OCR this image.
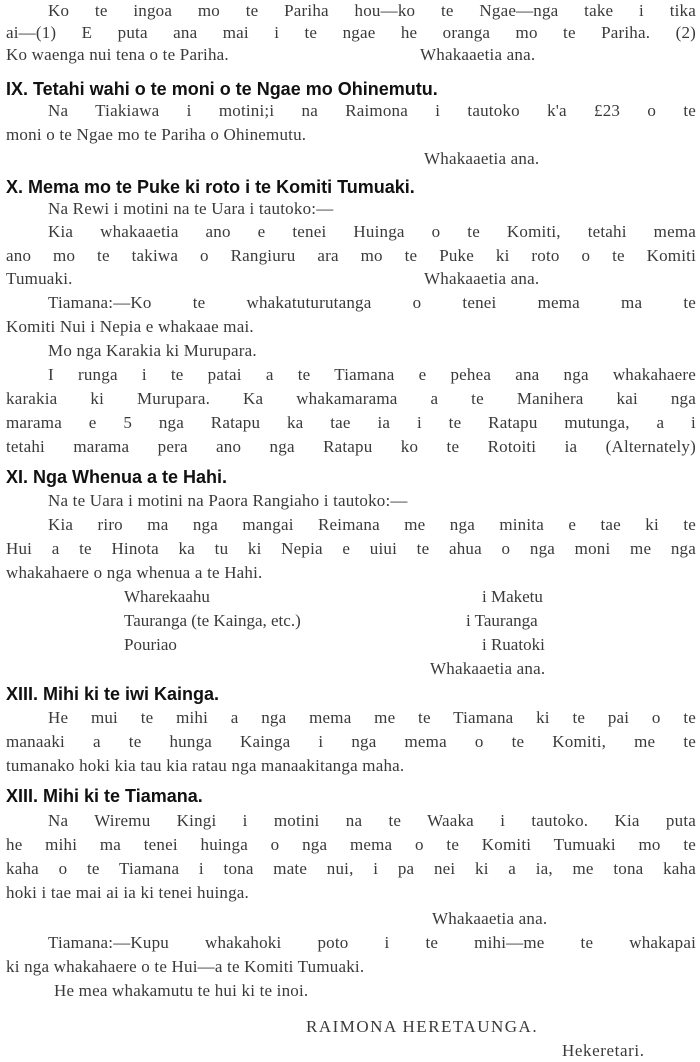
Ko te ingoa mo te Pariha hou—ko te Ngae—nga take i tika
ai—(1) E puta ana mai i te ngae he oranga mo te Pariha. (2)
Ko waenga nui tena o te Pariha.	Whakaaetia ana.
IX. Tetahi wahi o te moni o te Ngae mo Ohinemutu.
Na Tiakiawa i motini;i na Raimona i tautoko k'a £23 o te
moni o te Ngae mo te Pariha o Ohinemutu.
Whakaaetia ana.
X. Mema mo te Puke ki roto i te Komiti Tumuaki.
Na Rewi i motini na te Uara i tautoko:—
Kia whakaaetia ano e tenei Huinga o te Komiti, tetahi mema
ano mo te takiwa o Rangiuru ara mo te Puke ki roto o te Komiti
Tumuaki.	Whakaaetia ana.
Tiamana:—Ko te whakatuturutanga o tenei mema ma te
Komiti Nui i Nepia e whakaae mai.
Mo nga Karakia ki Murupara.
I runga i te patai a te Tiamana e pehea ana nga whakahaere
karakia ki Murupara. Ka whakamarama a te Manihera kai nga
marama e 5 nga Ratapu ka tae ia i te Ratapu mutunga, a i
tetahi marama pera ano nga Ratapu ko te Rotoiti ia (Alternately)
XI. Nga Whenua a te Hahi.
Na te Uara i motini na Paora Rangiaho i tautoko:—
Kia riro ma nga mangai Reimana me nga minita e tae ki te
Hui a te Hinota ka tu ki Nepia e uiui te ahua o nga moni me nga
whakahaere o nga whenua a te Hahi.
Wharekaahu	i Maketu
Tauranga (te Kainga, etc.)	i Tauranga
Pouriao	i Ruatoki
Whakaaetia ana.
XIII. Mihi ki te iwi Kainga.
He mui te mihi a nga mema me te Tiamana ki te pai o te
manaaki a te hunga Kainga i nga mema o te Komiti, me te
tumanako hoki kia tau kia ratau nga manaakitanga maha.
XIII. Mihi ki te Tiamana.
Na Wiremu Kingi i motini na te Waaka i tautoko. Kia puta
he mihi ma tenei huinga o nga mema o te Komiti Tumuaki mo te
kaha o te Tiamana i tona mate nui, i pa nei ki a ia, me tona kaha
hoki i tae mai ai ia ki tenei huinga.
Whakaaetia ana.
Tiamana:—Kupu whakahoki poto i te mihi—me te whakapai
ki nga whakahaere o te Hui—a te Komiti Tumuaki.
He mea whakamutu te hui ki te inoi.
RAIMONA HERETAUNGA.
Hekeretari.
